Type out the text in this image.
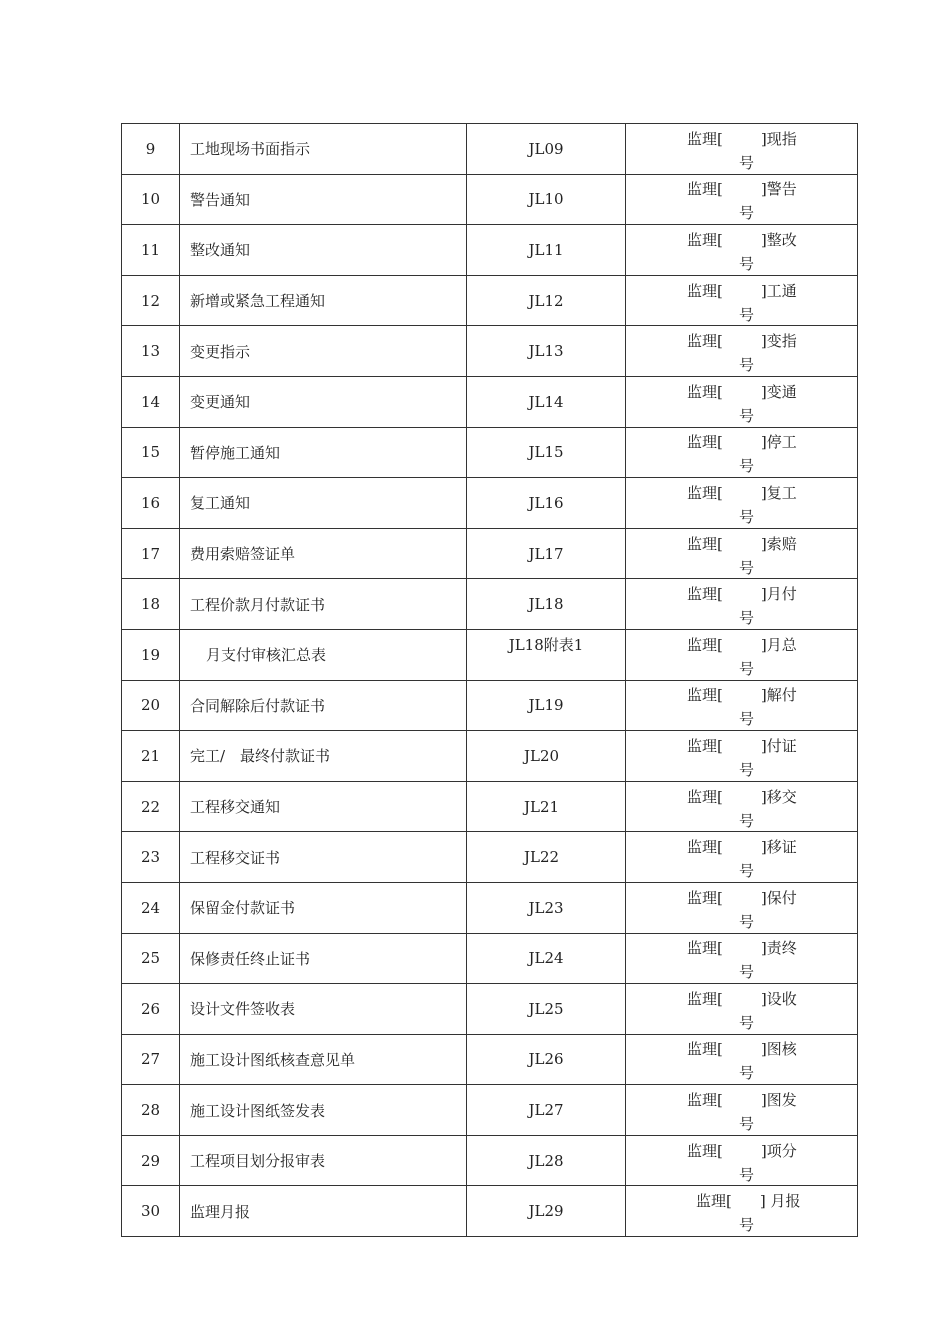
9	工地现场书面指示	JL09	监理[ ]现指
号

10	警告通知	JL10	监理[ ]警告
号

11	整改通知	JL11	监理[ ]整改
号

12	新增或紧急工程通知	JL12	监理[ ]工通
号

13	变更指示	JL13	监理[ ]变指
号

14	变更通知	JL14	监理[ ]变通
号

15	暂停施工通知	JL15	监理[ ]停工
号

16	复工通知	JL16	监理[ ]复工
号

17	费用索赔签证单	JL17	监理[ ]索赔
号

18	工程价款月付款证书	JL18	监理[ ]月付
号

19	月支付审核汇总表	JL18附表1	监理[ ]月总
号

20	合同解除后付款证书	JL19	监理[ ]解付
号

21	完工/　最终付款证书	JL20	监理[ ]付证
号

22	工程移交通知	JL21	监理[ ]移交
号

23	工程移交证书	JL22	监理[ ]移证
号

24	保留金付款证书	JL23	监理[ ]保付
号

25	保修责任终止证书	JL24	监理[ ]责终
号

26	设计文件签收表	JL25	监理[ ]设收
号

27	施工设计图纸核查意见单	JL26	监理[ ]图核
号

28	施工设计图纸签发表	JL27	监理[ ]图发
号

29	工程项目划分报审表	JL28	监理[ ]项分
号

30	监理月报	JL29	监理[ ] 月报
号
